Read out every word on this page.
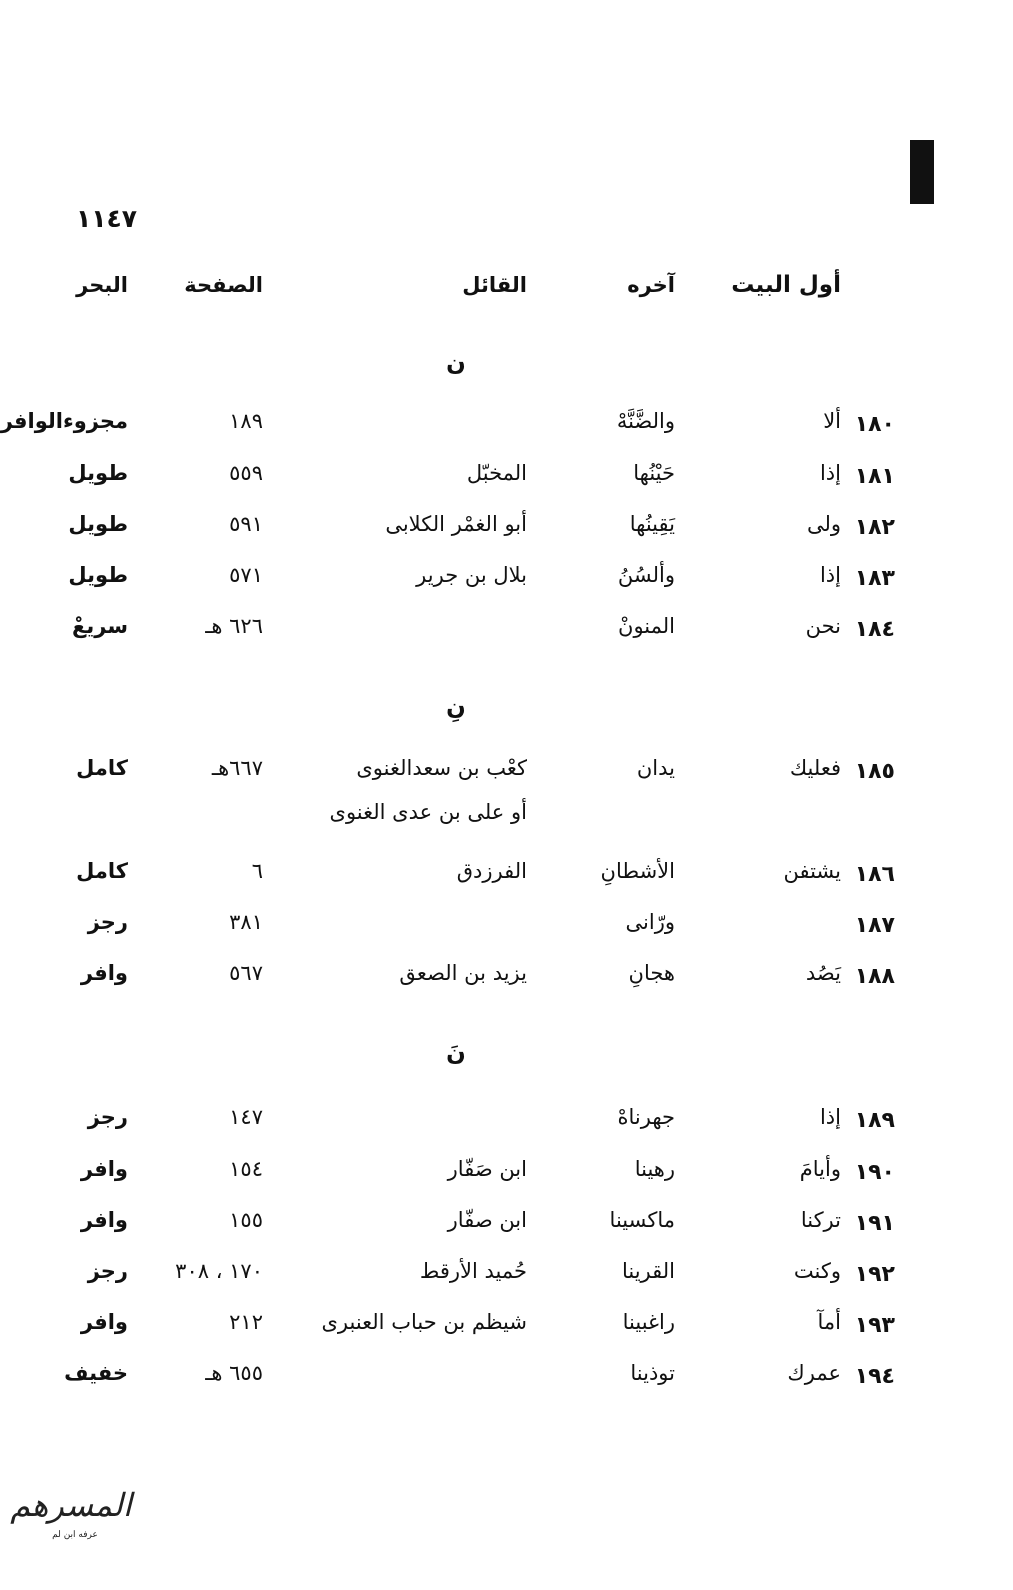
١١٤٧
أول البيت
آخره
القائل
الصفحة
البحر
ن
١٨٠
ألا
والضَّنَّهْ
١٨٩
مجزوءالوافر
١٨١
إذا
حَيْنُها
المخبّل
٥٥٩
طويل
١٨٢
ولى
يَقِينُها
أبو الغمْر الكلابى
٥٩١
طويل
١٨٣
إذا
وألسُنُ
بلال بن جرير
٥٧١
طويل
١٨٤
نحن
المنونْ
٦٢٦ هـ
سريعْ
نِ
١٨٥
فعليك
يدان
كعْب بن سعدالغنوى
٦٦٧هـ
كامل
أو على بن عدى الغنوى
١٨٦
يشتفن
الأشطانِ
الفرزدق
٦
كامل
١٨٧
ورّانى
٣٨١
رجز
١٨٨
يَصُد
هجانِ
يزيد بن الصعق
٥٦٧
وافر
نَ
١٨٩
إذا
جهرناهْ
١٤٧
رجز
١٩٠
وأيامَ
رهينا
ابن صَفّار
١٥٤
وافر
١٩١
تركنا
ماكسينا
ابن صفّار
١٥٥
وافر
١٩٢
وكنت
القرينا
حُميد الأرقط
١٧٠ ، ٣٠٨
رجز
١٩٣
أمآ
راغبينا
شيظم بن حباب العنبرى
٢١٢
وافر
١٩٤
عمرك
توذينا
٦٥٥ هـ
خفيف
المسرهم
عرفه ابن لم
